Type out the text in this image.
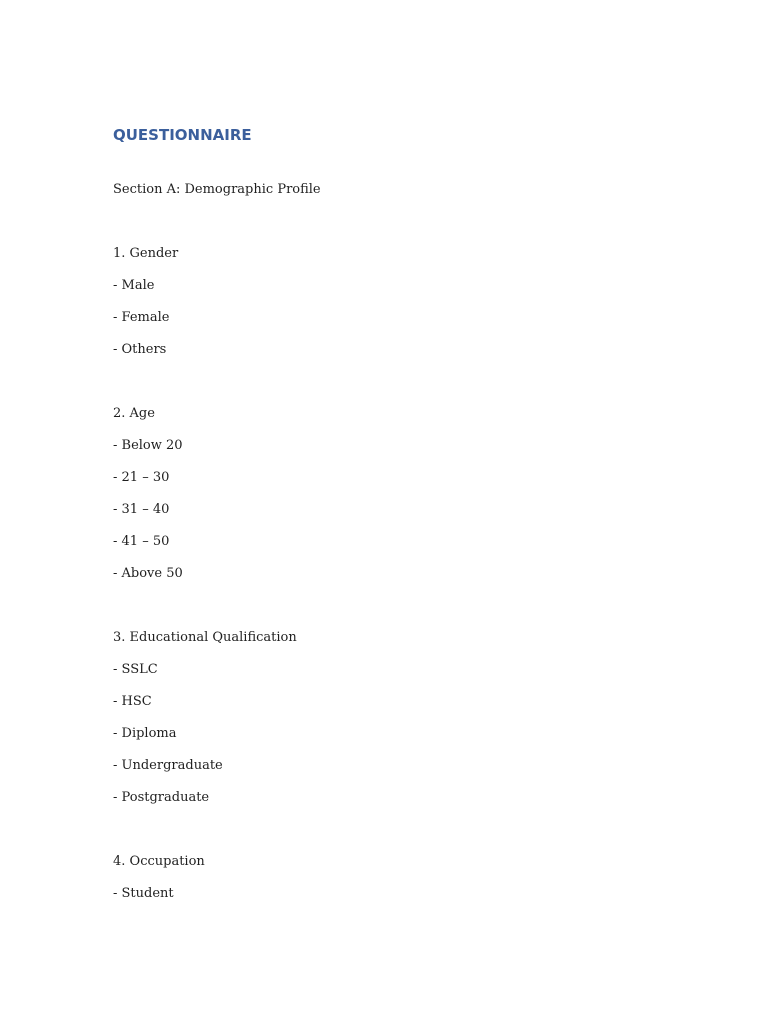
QUESTIONNAIRE

Section A: Demographic Profile

1. Gender

- Male

- Female

- Others

2. Age

- Below 20

- 21 – 30

- 31 – 40

- 41 – 50

- Above 50

3. Educational Qualification

- SSLC

- HSC

- Diploma

- Undergraduate

- Postgraduate

4. Occupation

- Student
